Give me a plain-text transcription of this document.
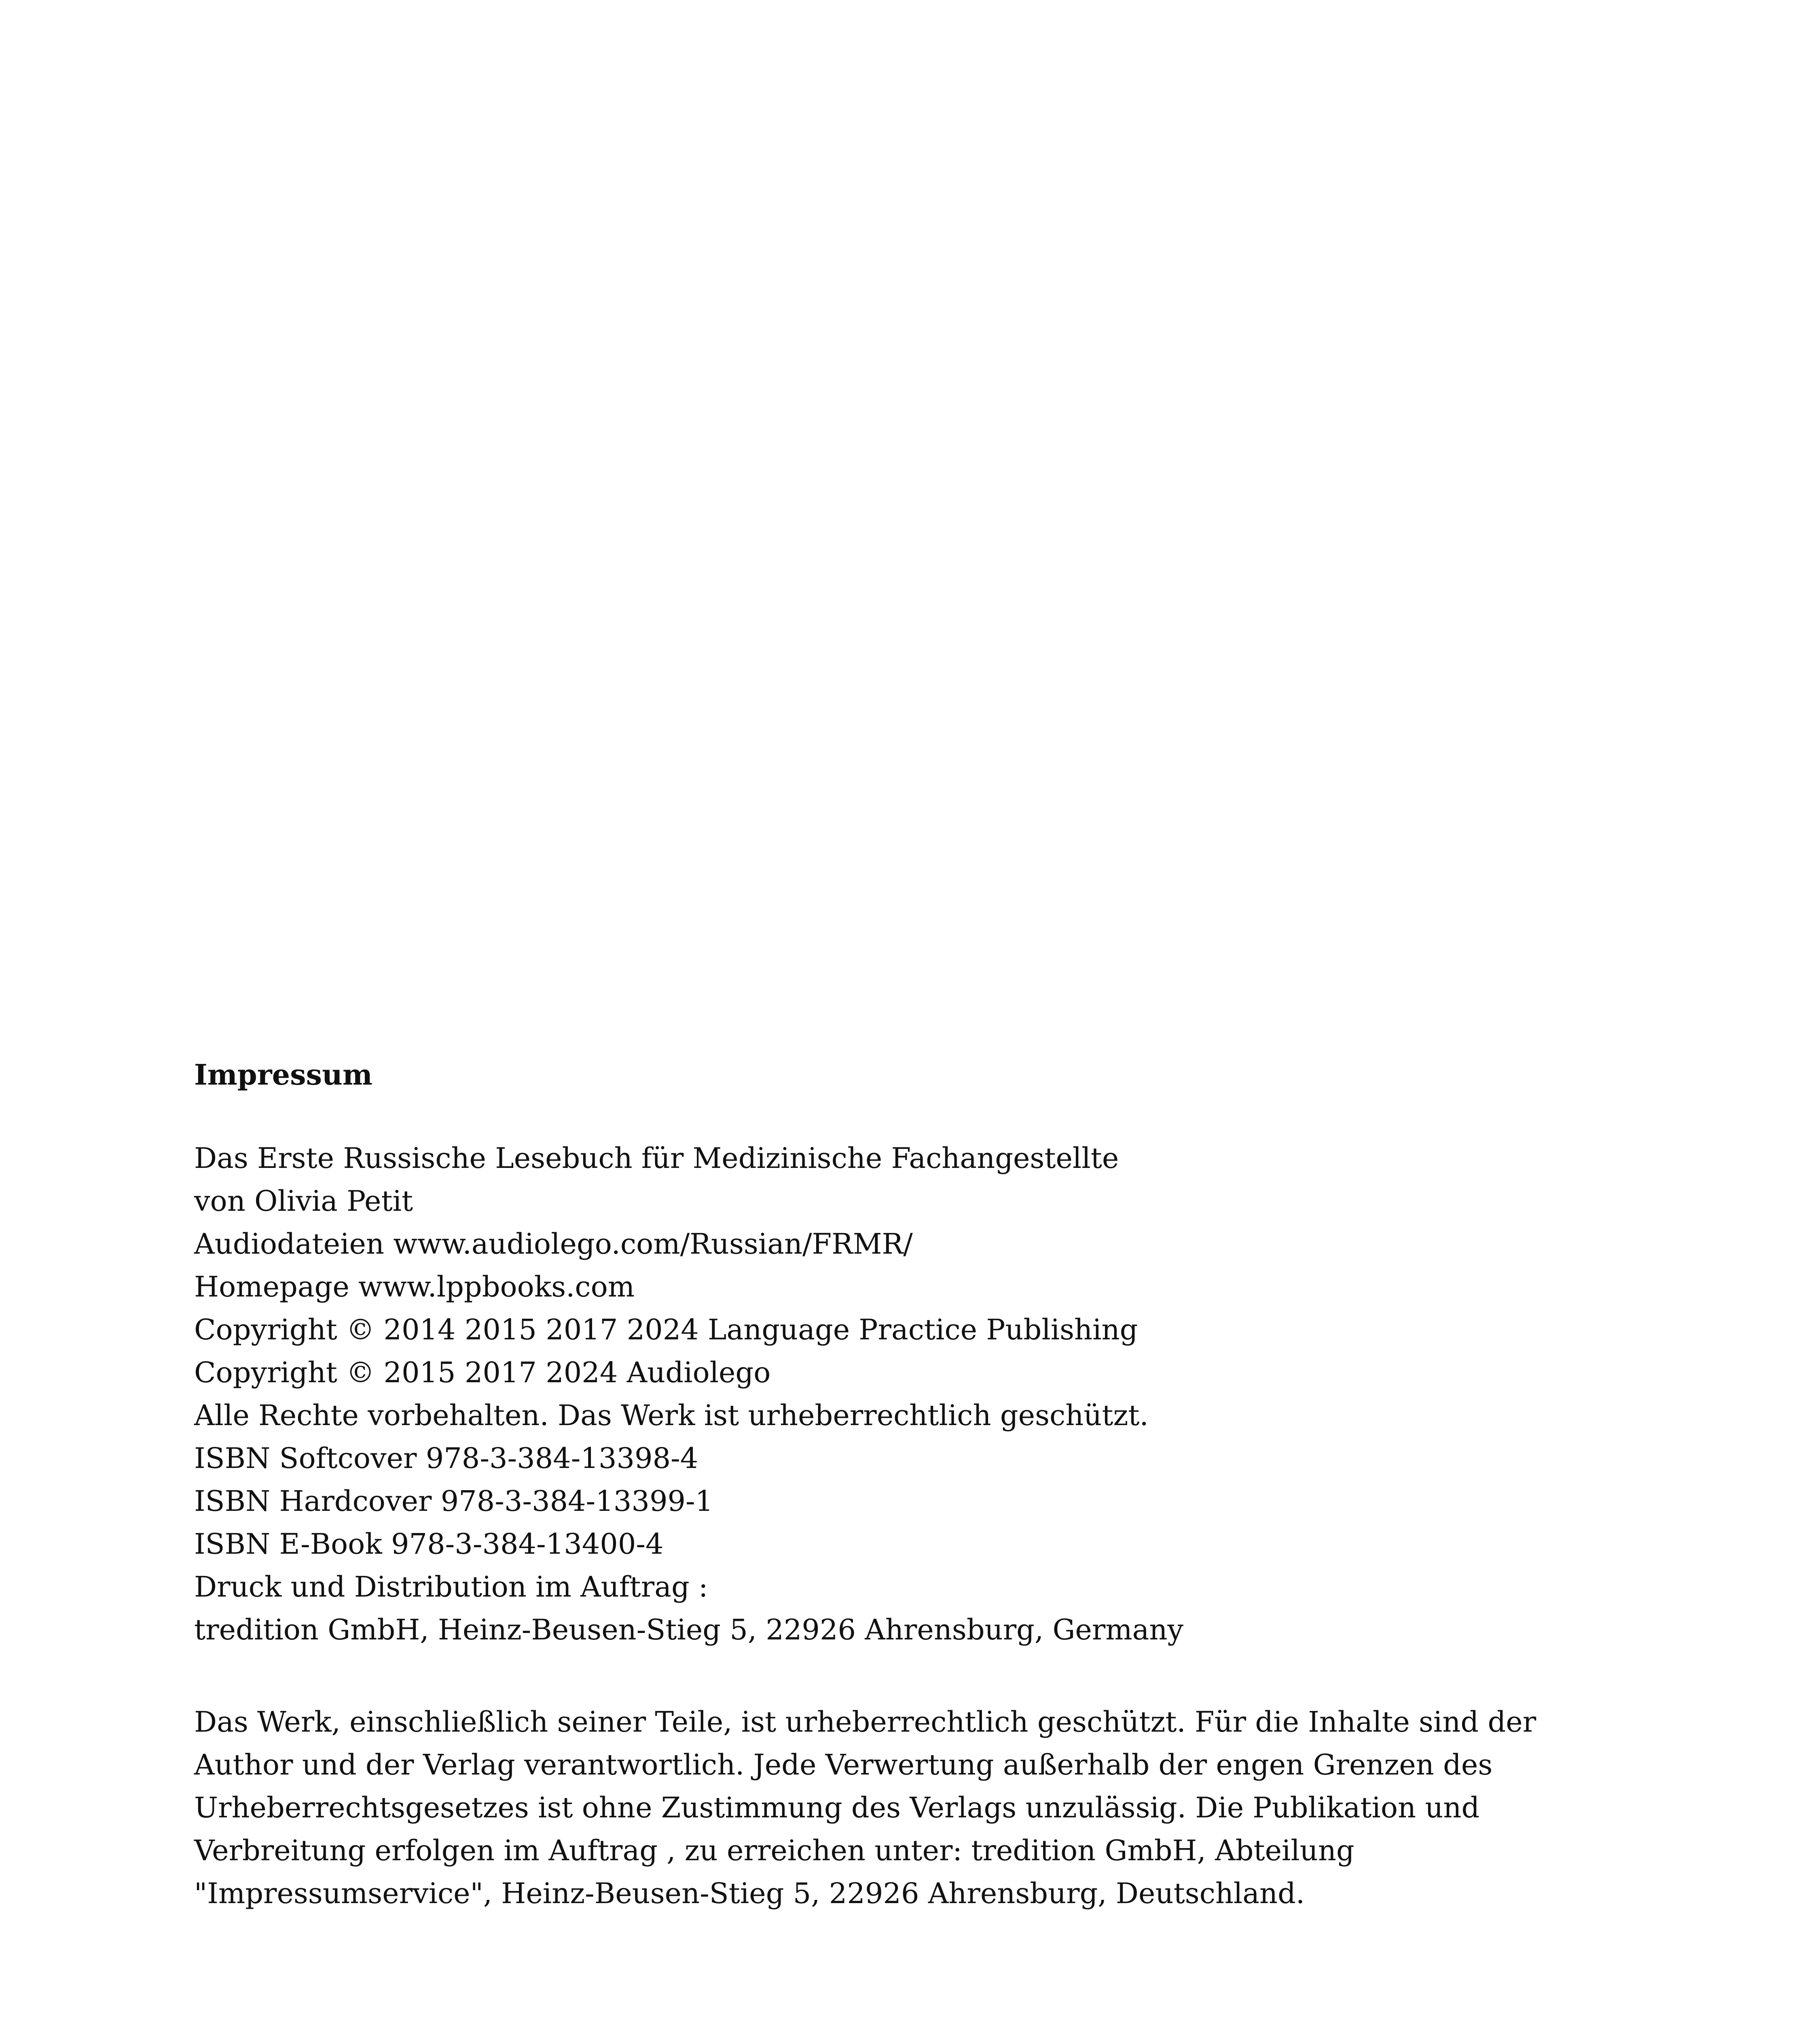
Impressum

Das Erste Russische Lesebuch für Medizinische Fachangestellte

von Olivia Petit

Audiodateien www.audiolego.com/Russian/FRMR/

Homepage www.lppbooks.com

Copyright © 2014 2015 2017 2024 Language Practice Publishing

Copyright © 2015 2017 2024 Audiolego

Alle Rechte vorbehalten. Das Werk ist urheberrechtlich geschützt.

ISBN Softcover 978-3-384-13398-4

ISBN Hardcover 978-3-384-13399-1

ISBN E-Book 978-3-384-13400-4

Druck und Distribution im Auftrag :

tredition GmbH, Heinz-Beusen-Stieg 5, 22926 Ahrensburg, Germany

Das Werk, einschließlich seiner Teile, ist urheberrechtlich geschützt. Für die Inhalte sind der

Author und der Verlag verantwortlich. Jede Verwertung außerhalb der engen Grenzen des

Urheberrechtsgesetzes ist ohne Zustimmung des Verlags unzulässig. Die Publikation und

Verbreitung erfolgen im Auftrag , zu erreichen unter: tredition GmbH, Abteilung

"Impressumservice", Heinz-Beusen-Stieg 5, 22926 Ahrensburg, Deutschland.
